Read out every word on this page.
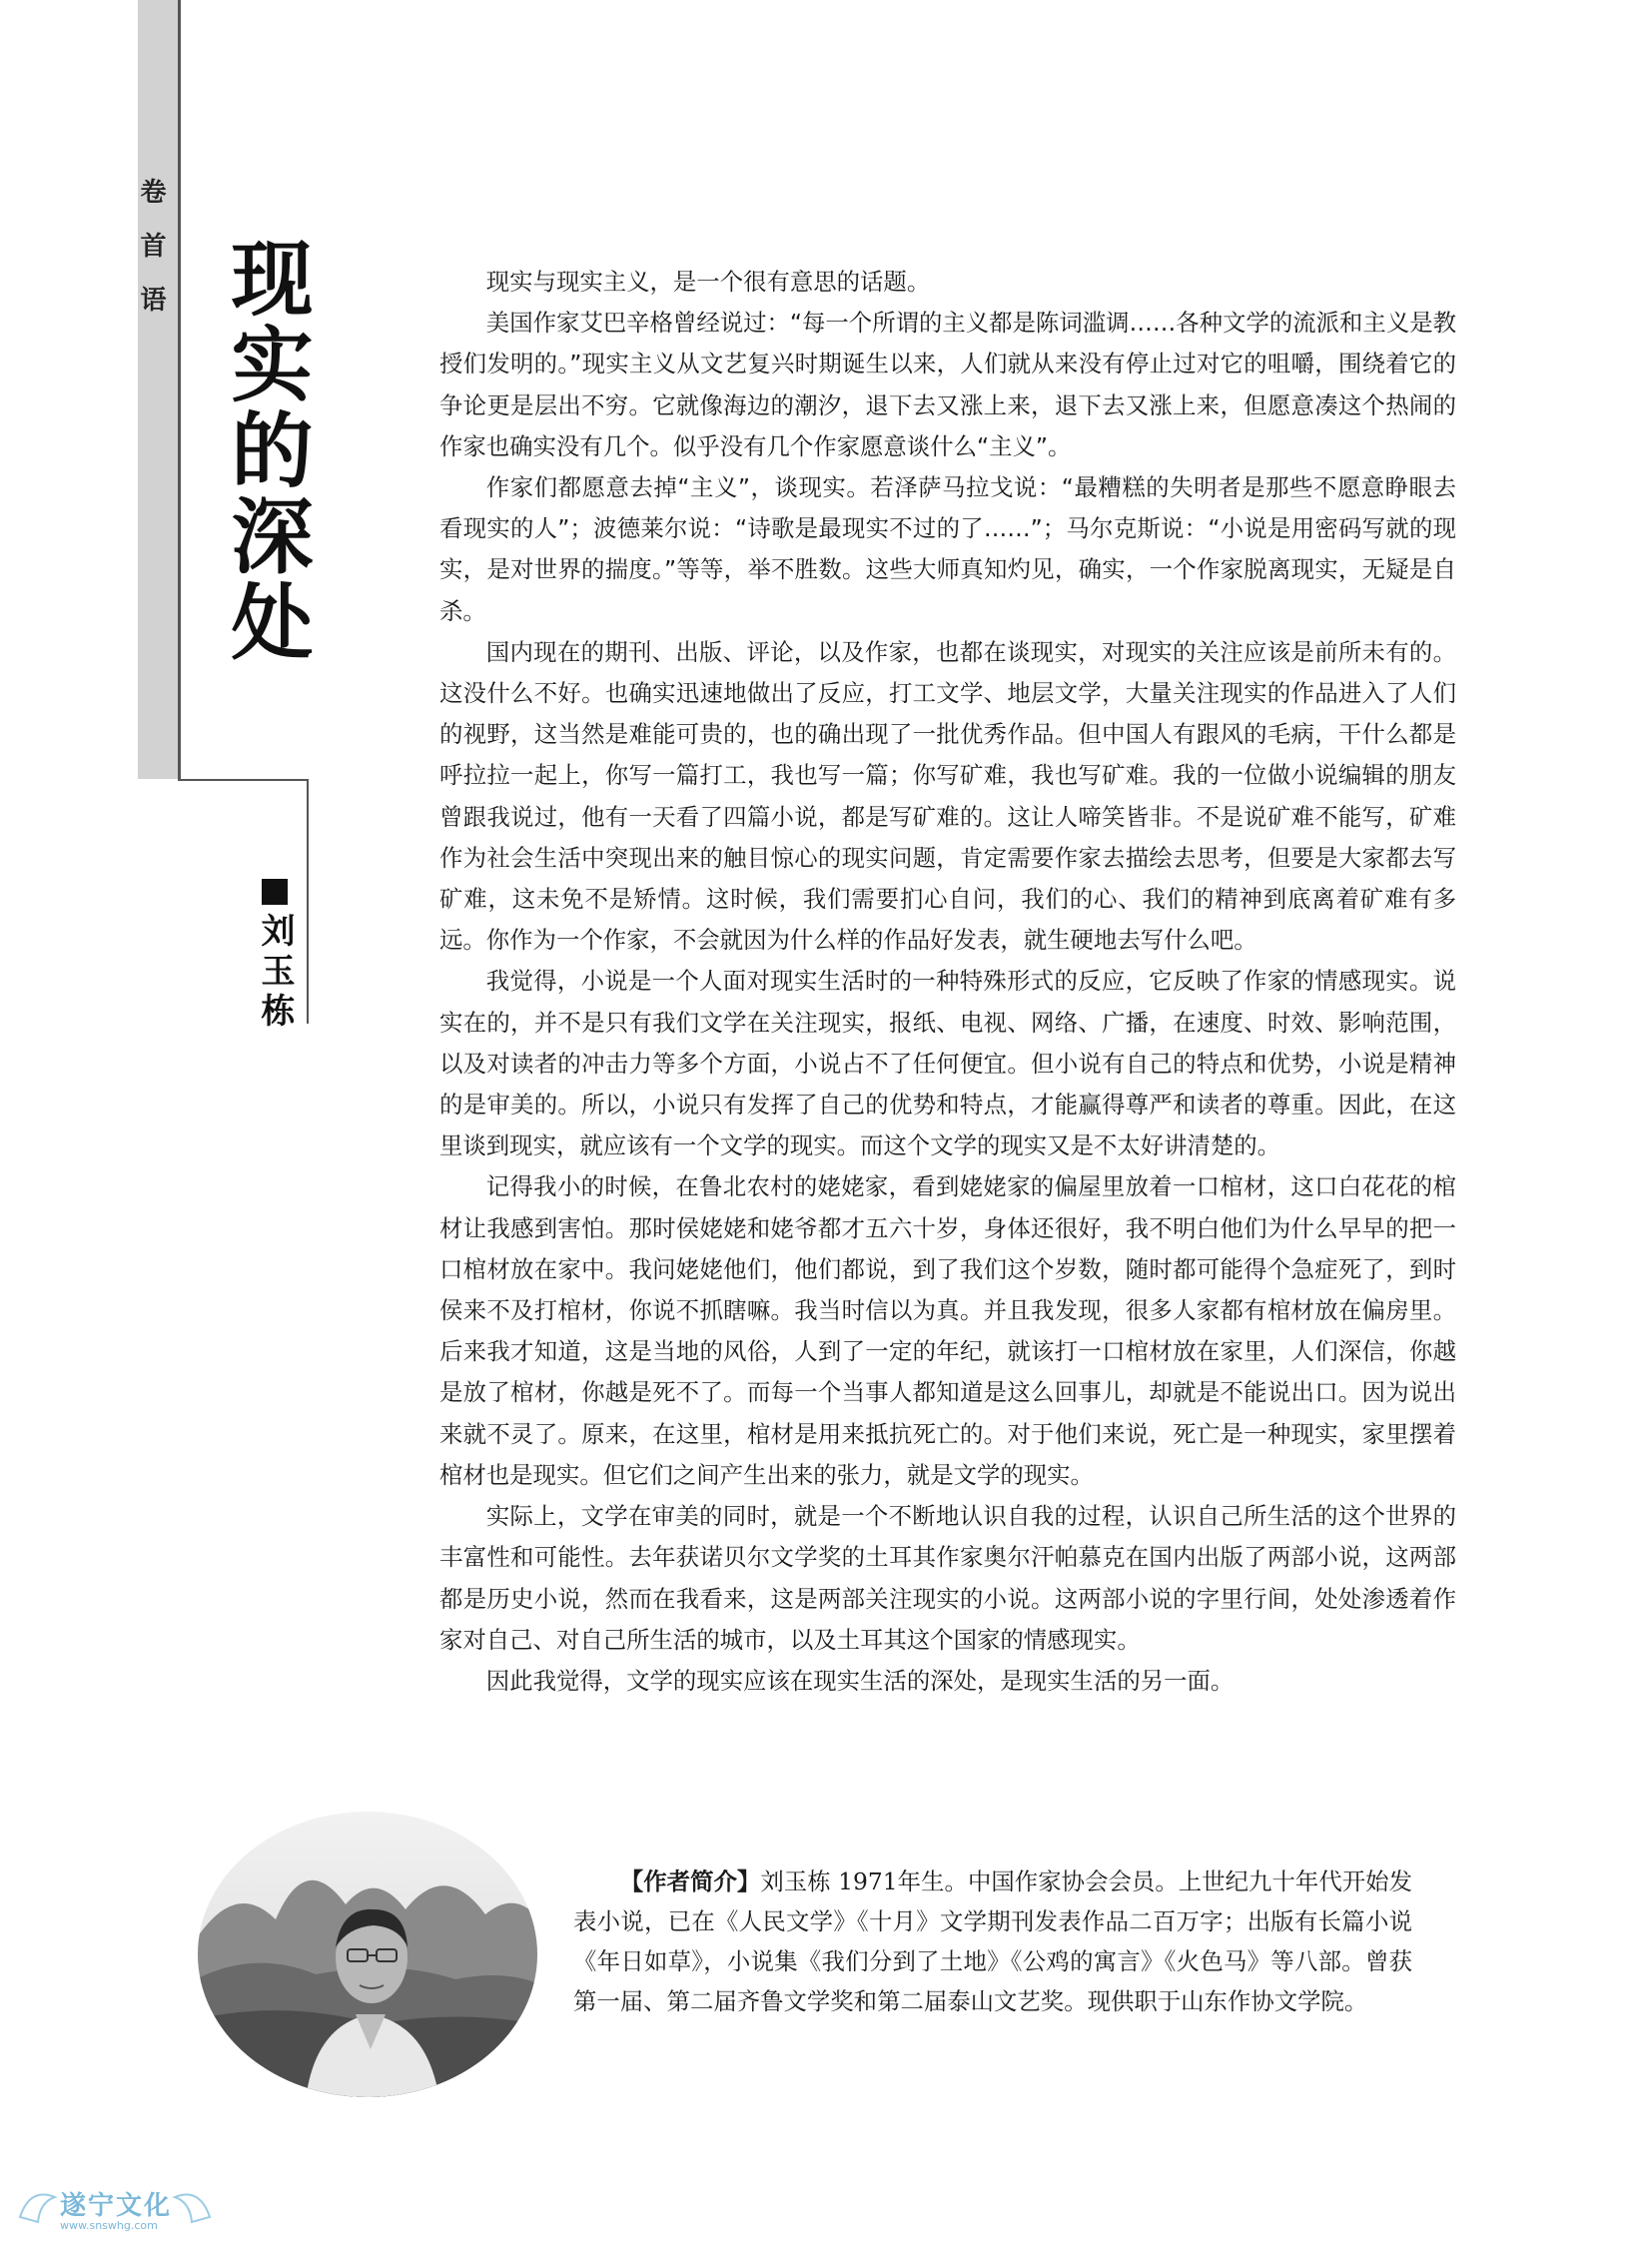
卷首语 现实的深处
刘玉栋

现实与现实主义，是一个很有意思的话题。

美国作家艾巴辛格曾经说过：“每一个所谓的主义都是陈词滥调……各种文学的流派和主义是教授们发明的。”现实主义从文艺复兴时期诞生以来，人们就从来没有停止过对它的咀嚼，围绕着它的争论更是层出不穷。它就像海边的潮汐，退下去又涨上来，退下去又涨上来，但愿意凑这个热闹的作家也确实没有几个。似乎没有几个作家愿意谈什么“主义”。

作家们都愿意去掉“主义”，谈现实。若泽萨马拉戈说：“最糟糕的失明者是那些不愿意睁眼去看现实的人”；波德莱尔说：“诗歌是最现实不过的了……”；马尔克斯说：“小说是用密码写就的现实，是对世界的揣度。”等等，举不胜数。这些大师真知灼见，确实，一个作家脱离现实，无疑是自杀。

国内现在的期刊、出版、评论，以及作家，也都在谈现实，对现实的关注应该是前所未有的。这没什么不好。也确实迅速地做出了反应，打工文学、地层文学，大量关注现实的作品进入了人们的视野，这当然是难能可贵的，也的确出现了一批优秀作品。但中国人有跟风的毛病，干什么都是呼拉拉一起上，你写一篇打工，我也写一篇；你写矿难，我也写矿难。我的一位做小说编辑的朋友曾跟我说过，他有一天看了四篇小说，都是写矿难的。这让人啼笑皆非。不是说矿难不能写，矿难作为社会生活中突现出来的触目惊心的现实问题，肯定需要作家去描绘去思考，但要是大家都去写矿难，这未免不是矫情。这时候，我们需要扪心自问，我们的心、我们的精神到底离着矿难有多远。你作为一个作家，不会就因为什么样的作品好发表，就生硬地去写什么吧。

我觉得，小说是一个人面对现实生活时的一种特殊形式的反应，它反映了作家的情感现实。说实在的，并不是只有我们文学在关注现实，报纸、电视、网络、广播，在速度、时效、影响范围，以及对读者的冲击力等多个方面，小说占不了任何便宜。但小说有自己的特点和优势，小说是精神的是审美的。所以，小说只有发挥了自己的优势和特点，才能赢得尊严和读者的尊重。因此，在这里谈到现实，就应该有一个文学的现实。而这个文学的现实又是不太好讲清楚的。

记得我小的时候，在鲁北农村的姥姥家，看到姥姥家的偏屋里放着一口棺材，这口白花花的棺材让我感到害怕。那时侯姥姥和姥爷都才五六十岁，身体还很好，我不明白他们为什么早早的把一口棺材放在家中。我问姥姥他们，他们都说，到了我们这个岁数，随时都可能得个急症死了，到时侯来不及打棺材，你说不抓瞎嘛。我当时信以为真。并且我发现，很多人家都有棺材放在偏房里。后来我才知道，这是当地的风俗，人到了一定的年纪，就该打一口棺材放在家里，人们深信，你越是放了棺材，你越是死不了。而每一个当事人都知道是这么回事儿，却就是不能说出口。因为说出来就不灵了。原来，在这里，棺材是用来抵抗死亡的。对于他们来说，死亡是一种现实，家里摆着棺材也是现实。但它们之间产生出来的张力，就是文学的现实。

实际上，文学在审美的同时，就是一个不断地认识自我的过程，认识自己所生活的这个世界的丰富性和可能性。去年获诺贝尔文学奖的土耳其作家奥尔汗帕慕克在国内出版了两部小说，这两部都是历史小说，然而在我看来，这是两部关注现实的小说。这两部小说的字里行间，处处渗透着作家对自己、对自己所生活的城市，以及土耳其这个国家的情感现实。

因此我觉得，文学的现实应该在现实生活的深处，是现实生活的另一面。

【作者简介】刘玉栋 1971年生。中国作家协会会员。上世纪九十年代开始发表小说，已在《人民文学》《十月》文学期刊发表作品二百万字；出版有长篇小说《年日如草》，小说集《我们分到了土地》《公鸡的寓言》《火色马》等八部。曾获第一届、第二届齐鲁文学奖和第二届泰山文艺奖。现供职于山东作协文学院。
遂宁文化
www.snswhg.com
